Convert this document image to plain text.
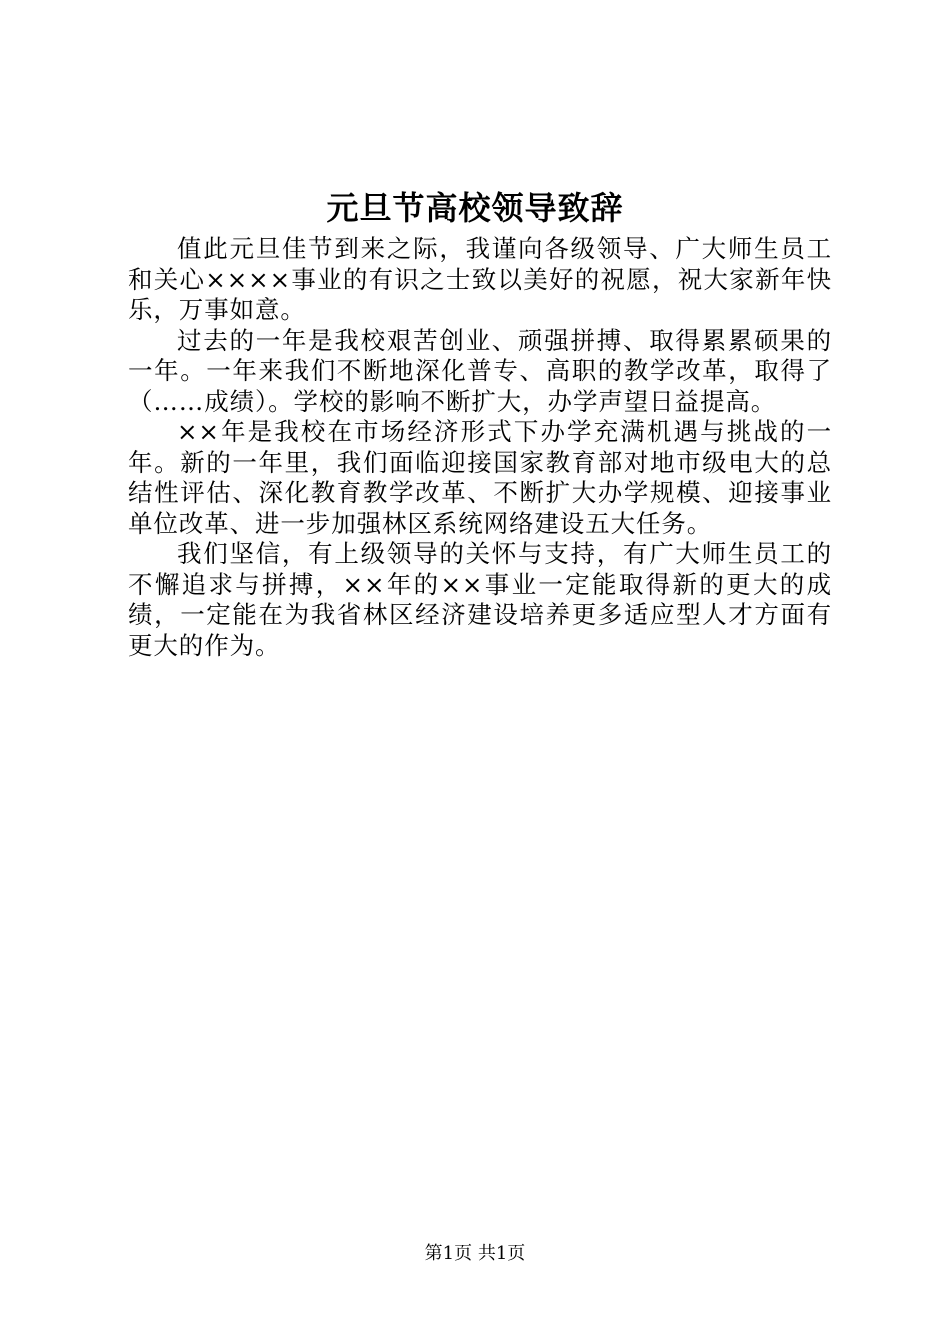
元旦节高校领导致辞

值此元旦佳节到来之际，我谨向各级领导、广大师生员工和关心××××事业的有识之士致以美好的祝愿，祝大家新年快乐，万事如意。

过去的一年是我校艰苦创业、顽强拼搏、取得累累硕果的一年。一年来我们不断地深化普专、高职的教学改革，取得了（……成绩）。学校的影响不断扩大，办学声望日益提高。

××年是我校在市场经济形式下办学充满机遇与挑战的一年。新的一年里，我们面临迎接国家教育部对地市级电大的总结性评估、深化教育教学改革、不断扩大办学规模、迎接事业单位改革、进一步加强林区系统网络建设五大任务。

我们坚信，有上级领导的关怀与支持，有广大师生员工的不懈追求与拼搏，××年的××事业一定能取得新的更大的成绩，一定能在为我省林区经济建设培养更多适应型人才方面有更大的作为。

第1页 共1页
